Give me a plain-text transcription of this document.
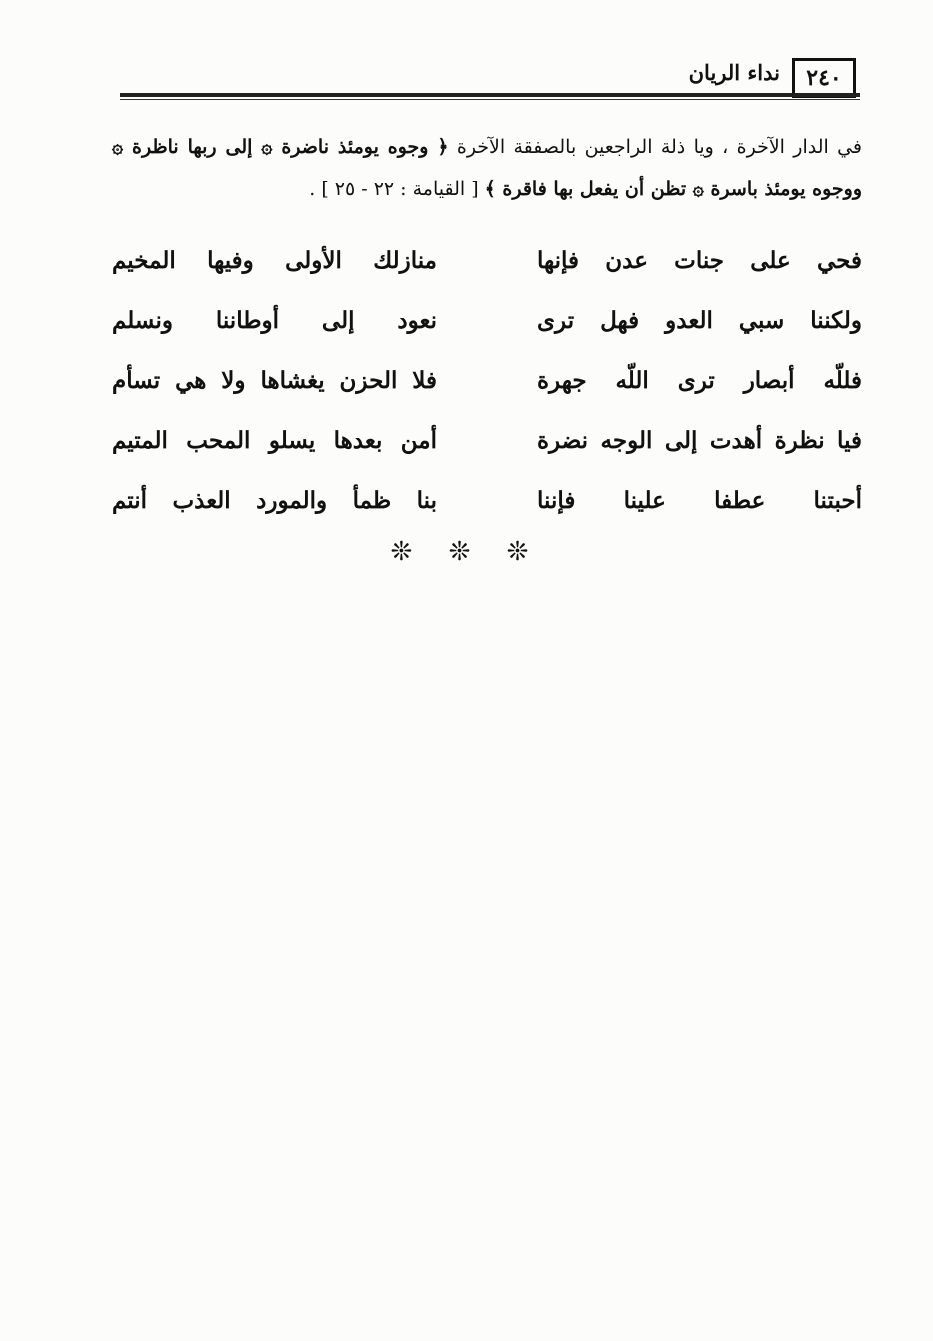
٢٤٠
نداء الريان
في الدار الآخرة ، ويا ذلة الراجعين بالصفقة الآخرة ﴿ وجوه يومئذ ناضرة ۞ إلى ربها ناظرة ۞ ووجوه يومئذ باسرة ۞ تظن أن يفعل بها فاقرة ﴾ [ القيامة : ٢٢ - ٢٥ ] .
فحي على جنات عدن فإنها
منازلك الأولى وفيها المخيم
ولكننا سبي العدو فهل ترى
نعود إلى أوطاننا ونسلم
فللّه أبصار ترى اللّه جهرة
فلا الحزن يغشاها ولا هي تسأم
فيا نظرة أهدت إلى الوجه نضرة
أمن بعدها يسلو المحب المتيم
أحبتنا عطفا علينا فإننا
بنا ظمأ والمورد العذب أنتم
❊ ❊ ❊
